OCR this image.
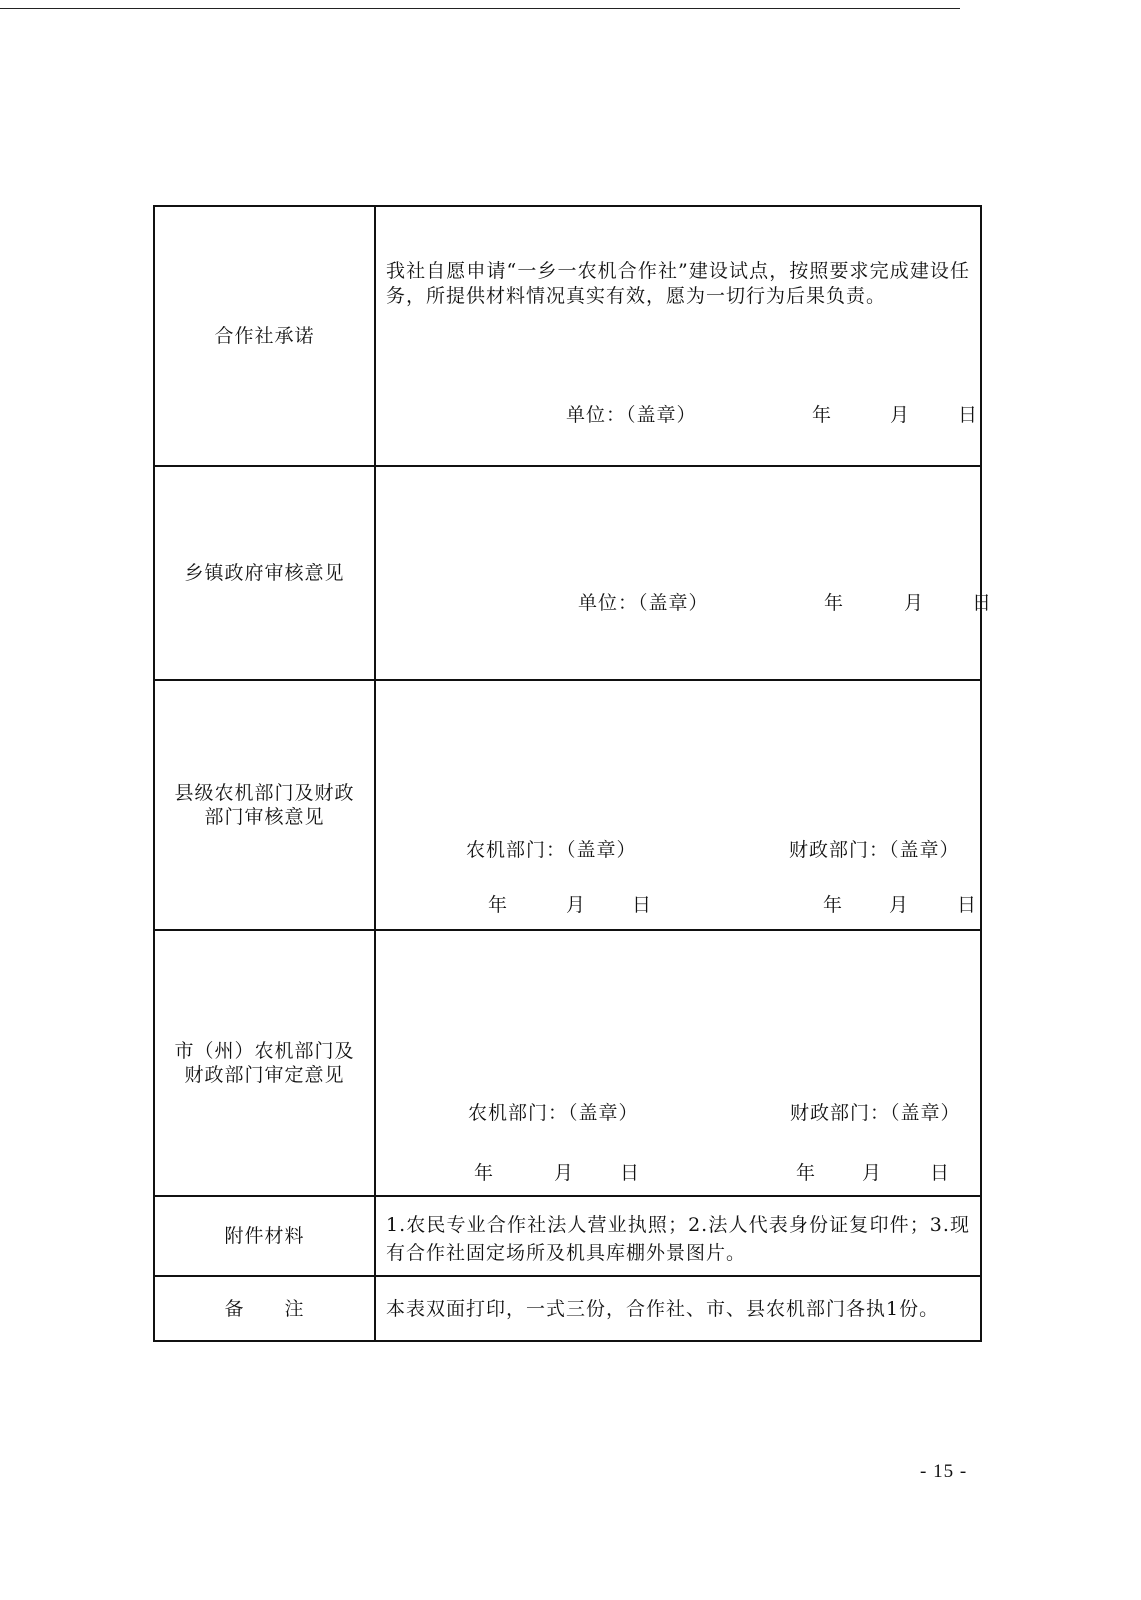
合作社承诺	我社自愿申请“一乡一农机合作社”建设试点，按照要求完成建设任务，所提供材料情况真实有效，愿为一切行为后果负责。
单位：（盖章） 年 月 日

乡镇政府审核意见	单位：（盖章） 年 月 日

县级农机部门及财政部门审核意见	农机部门：（盖章） 财政部门：（盖章）
年 月 日 年 月 日

市（州）农机部门及财政部门审定意见	农机部门：（盖章） 财政部门：（盖章）
年 月 日 年 月 日

附件材料	1.农民专业合作社法人营业执照；2.法人代表身份证复印件；3.现有合作社固定场所及机具库棚外景图片。

备　　注	本表双面打印，一式三份，合作社、市、县农机部门各执1份。
- 15 -
